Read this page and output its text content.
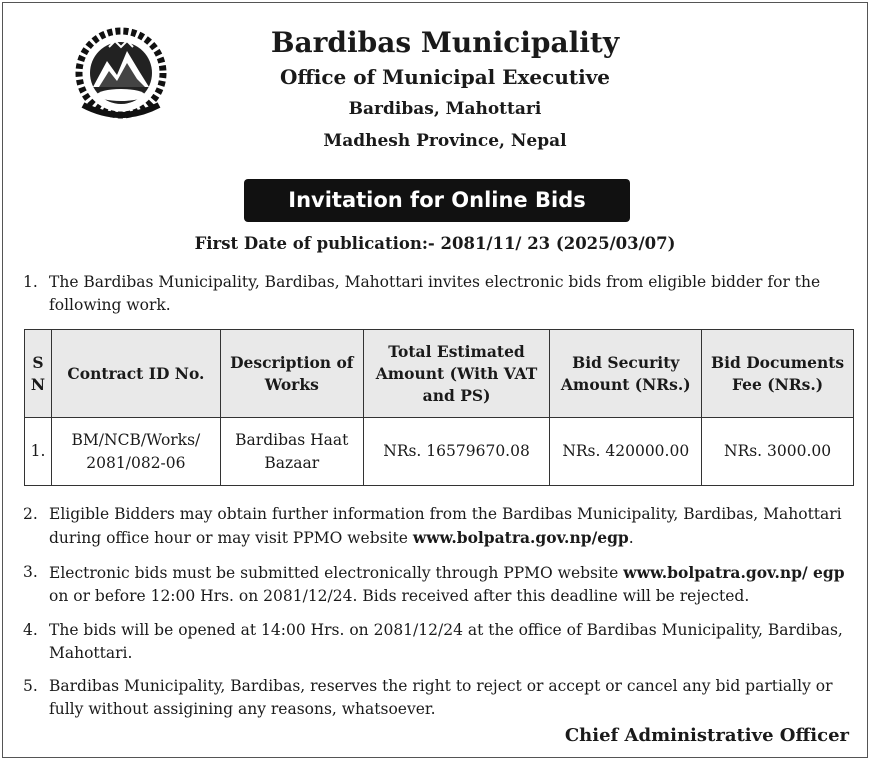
Bardibas Municipality
Office of Municipal Executive
Bardibas, Mahottari
Madhesh Province, Nepal
Invitation for Online Bids
First Date of publication:- 2081/11/ 23 (2025/03/07)
1. The Bardibas Municipality, Bardibas, Mahottari invites electronic bids from eligible bidder for the following work.
S N	Contract ID No.	Description of Works	Total Estimated Amount (With VAT and PS)	Bid Security Amount (NRs.)	Bid Documents Fee (NRs.)
1.	BM/NCB/Works/ 2081/082-06	Bardibas Haat Bazaar	NRs. 16579670.08	NRs. 420000.00	NRs. 3000.00
2. Eligible Bidders may obtain further information from the Bardibas Municipality, Bardibas, Mahottari during office hour or may visit PPMO website www.bolpatra.gov.np/egp.
3. Electronic bids must be submitted electronically through PPMO website www.bolpatra.gov.np/ egp on or before 12:00 Hrs. on 2081/12/24. Bids received after this deadline will be rejected.
4. The bids will be opened at 14:00 Hrs. on 2081/12/24 at the office of Bardibas Municipality, Bardibas, Mahottari.
5. Bardibas Municipality, Bardibas, reserves the right to reject or accept or cancel any bid partially or fully without assigining any reasons, whatsoever.
Chief Administrative Officer
